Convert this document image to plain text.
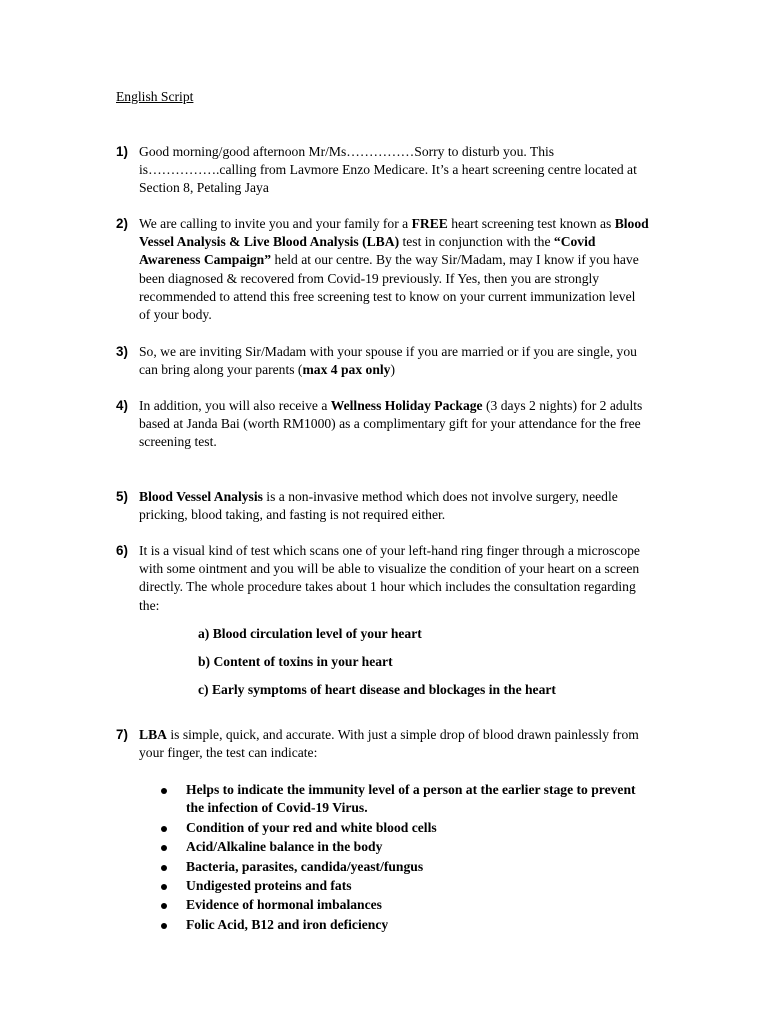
English Script
1) Good morning/good afternoon Mr/Ms……………Sorry to disturb you. This is…………….calling from Lavmore Enzo Medicare. It’s a heart screening centre located at Section 8, Petaling Jaya
2) We are calling to invite you and your family for a FREE heart screening test known as Blood Vessel Analysis & Live Blood Analysis (LBA) test in conjunction with the “Covid Awareness Campaign” held at our centre. By the way Sir/Madam, may I know if you have been diagnosed & recovered from Covid-19 previously. If Yes, then you are strongly recommended to attend this free screening test to know on your current immunization level of your body.
3) So, we are inviting Sir/Madam with your spouse if you are married or if you are single, you can bring along your parents (max 4 pax only)
4) In addition, you will also receive a Wellness Holiday Package (3 days 2 nights) for 2 adults based at Janda Bai (worth RM1000) as a complimentary gift for your attendance for the free screening test.
5) Blood Vessel Analysis is a non-invasive method which does not involve surgery, needle pricking, blood taking, and fasting is not required either.
6) It is a visual kind of test which scans one of your left-hand ring finger through a microscope with some ointment and you will be able to visualize the condition of your heart on a screen directly. The whole procedure takes about 1 hour which includes the consultation regarding the:
a) Blood circulation level of your heart
b) Content of toxins in your heart
c) Early symptoms of heart disease and blockages in the heart
7) LBA is simple, quick, and accurate. With just a simple drop of blood drawn painlessly from your finger, the test can indicate:
Helps to indicate the immunity level of a person at the earlier stage to prevent the infection of Covid-19 Virus.
Condition of your red and white blood cells
Acid/Alkaline balance in the body
Bacteria, parasites, candida/yeast/fungus
Undigested proteins and fats
Evidence of hormonal imbalances
Folic Acid, B12 and iron deficiency
